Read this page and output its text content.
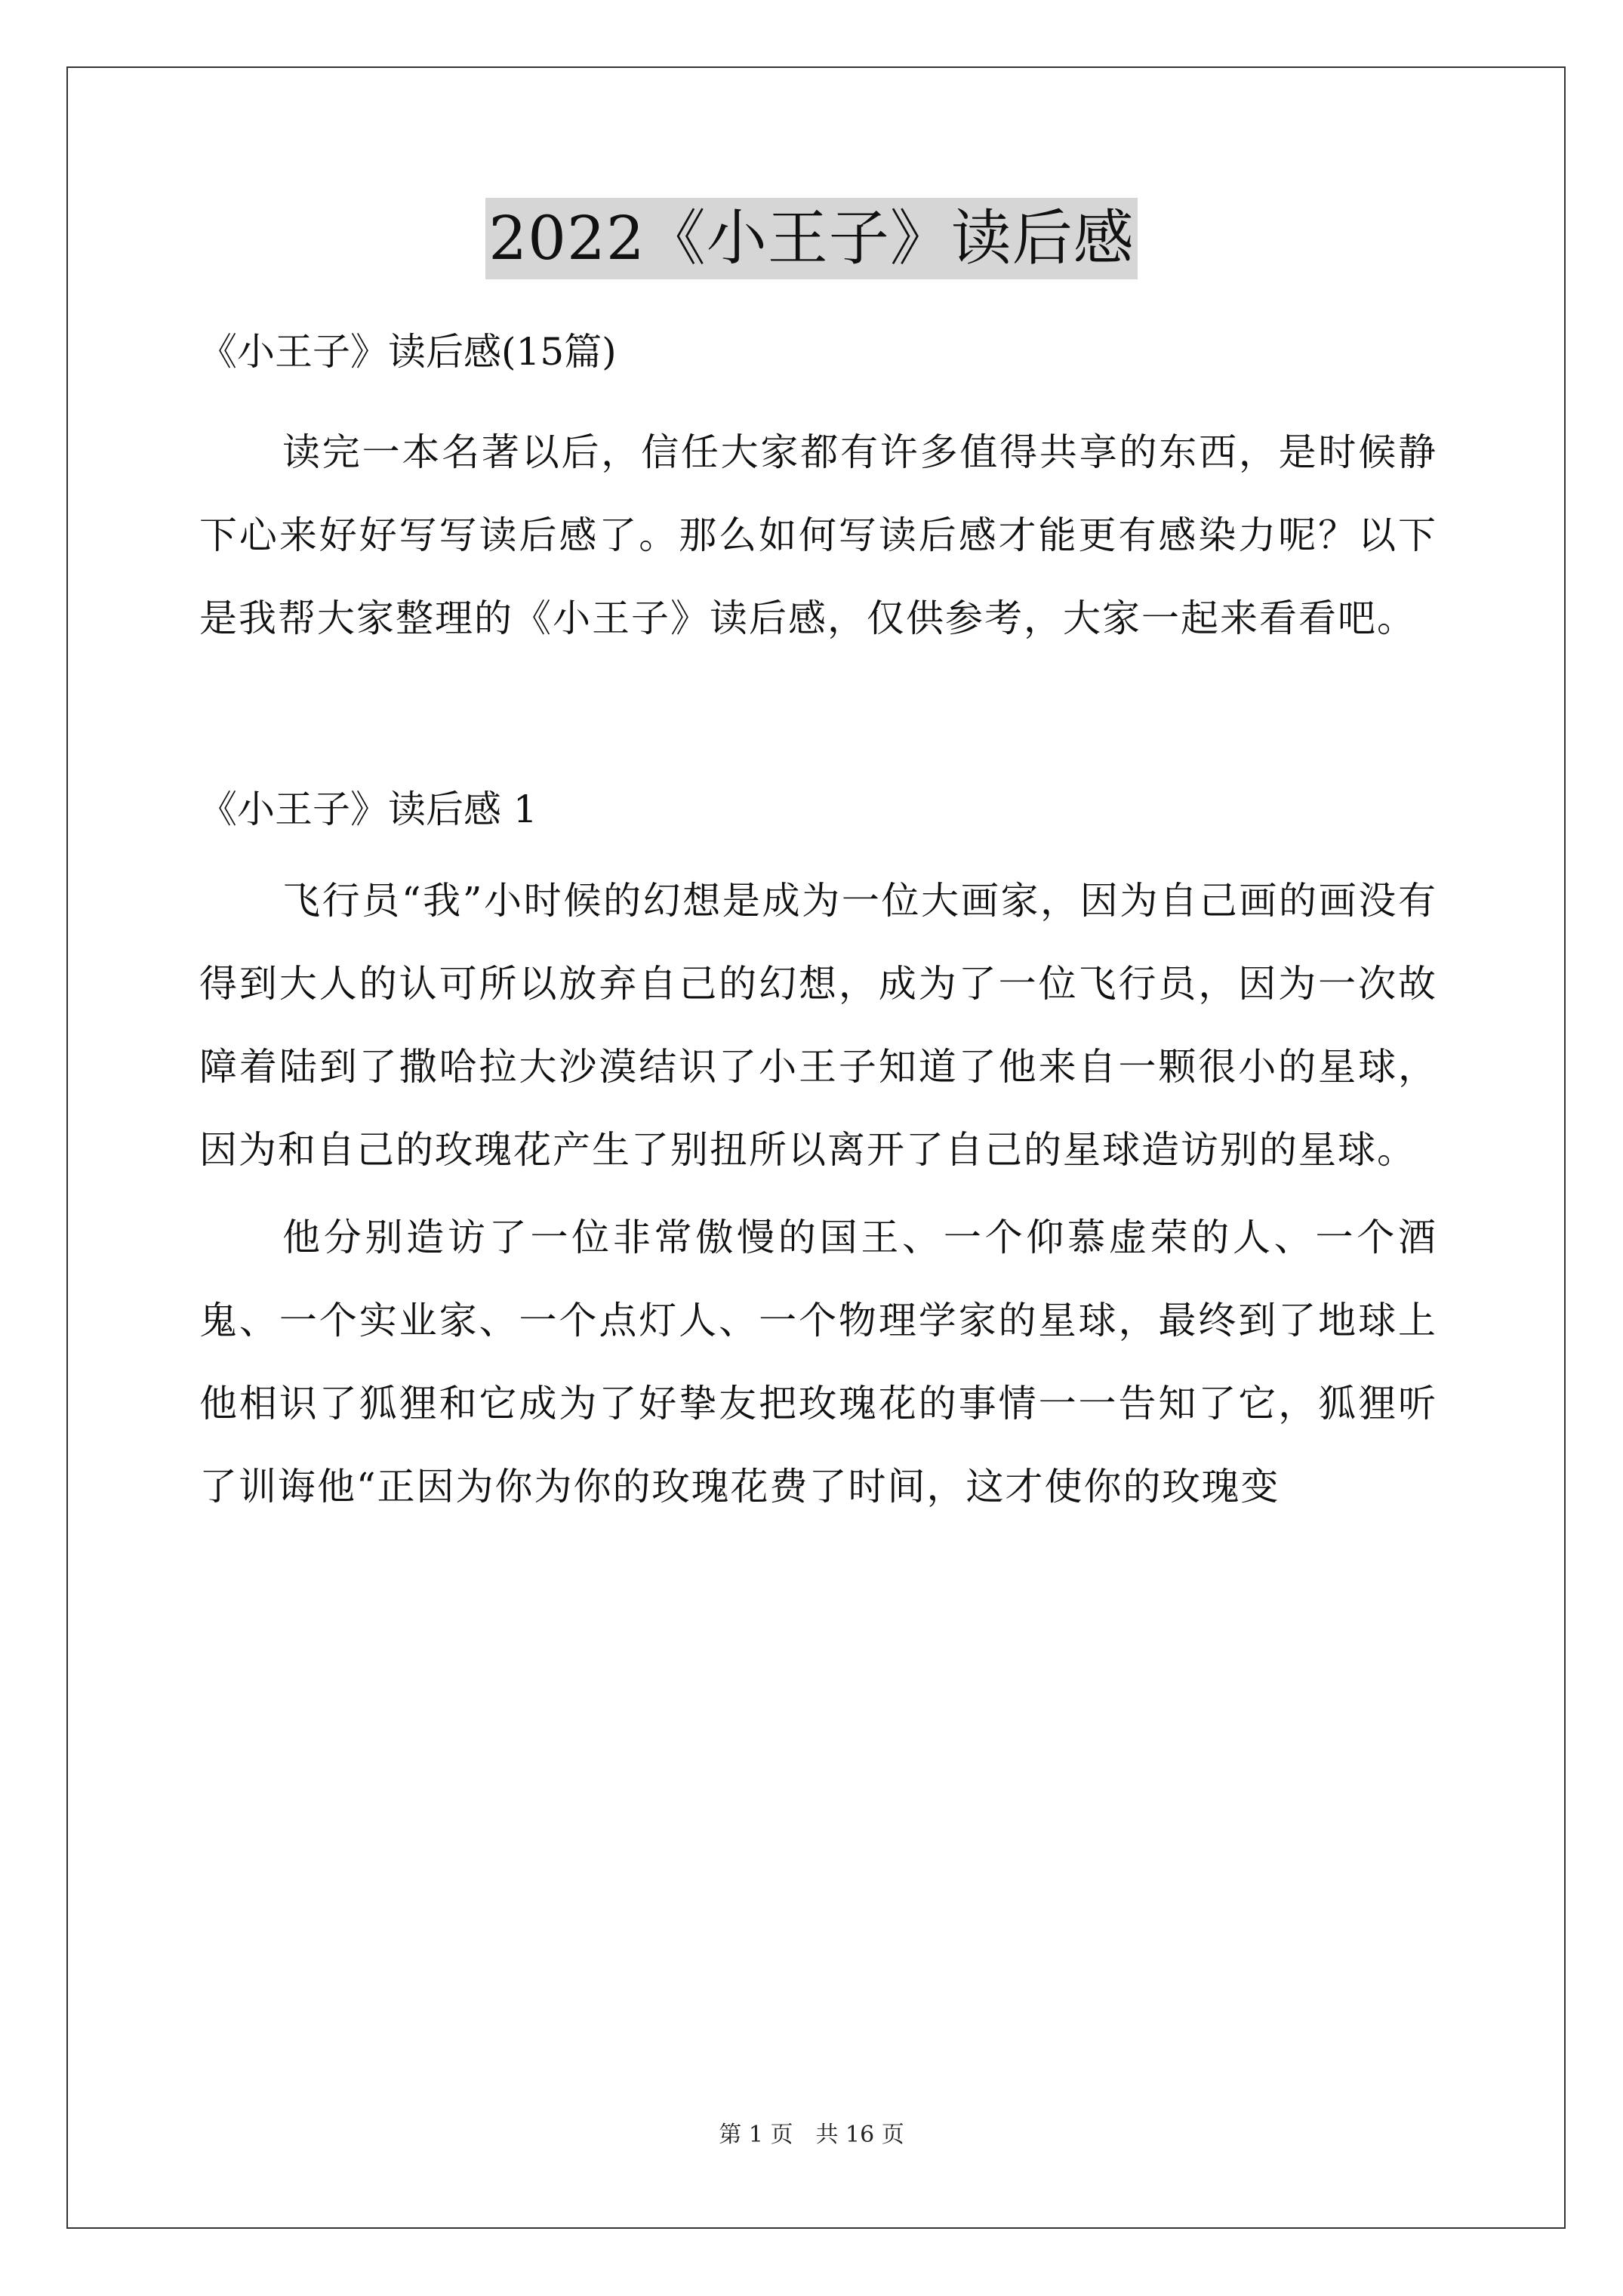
2022《小王子》读后感

《小王子》读后感(15篇)

读完一本名著以后，信任大家都有许多值得共享的东西，是时候静下心来好好写写读后感了。那么如何写读后感才能更有感染力呢？以下是我帮大家整理的《小王子》读后感，仅供参考，大家一起来看看吧。

《小王子》读后感 1

飞行员“我”小时候的幻想是成为一位大画家，因为自己画的画没有得到大人的认可所以放弃自己的幻想，成为了一位飞行员，因为一次故障着陆到了撒哈拉大沙漠结识了小王子知道了他来自一颗很小的星球，因为和自己的玫瑰花产生了别扭所以离开了自己的星球造访别的星球。

他分别造访了一位非常傲慢的国王、一个仰慕虚荣的人、一个酒鬼、一个实业家、一个点灯人、一个物理学家的星球，最终到了地球上他相识了狐狸和它成为了好挚友把玫瑰花的事情一一告知了它，狐狸听了训诲他“正因为你为你的玫瑰花费了时间，这才使你的玫瑰变

第 1 页　共 16 页
